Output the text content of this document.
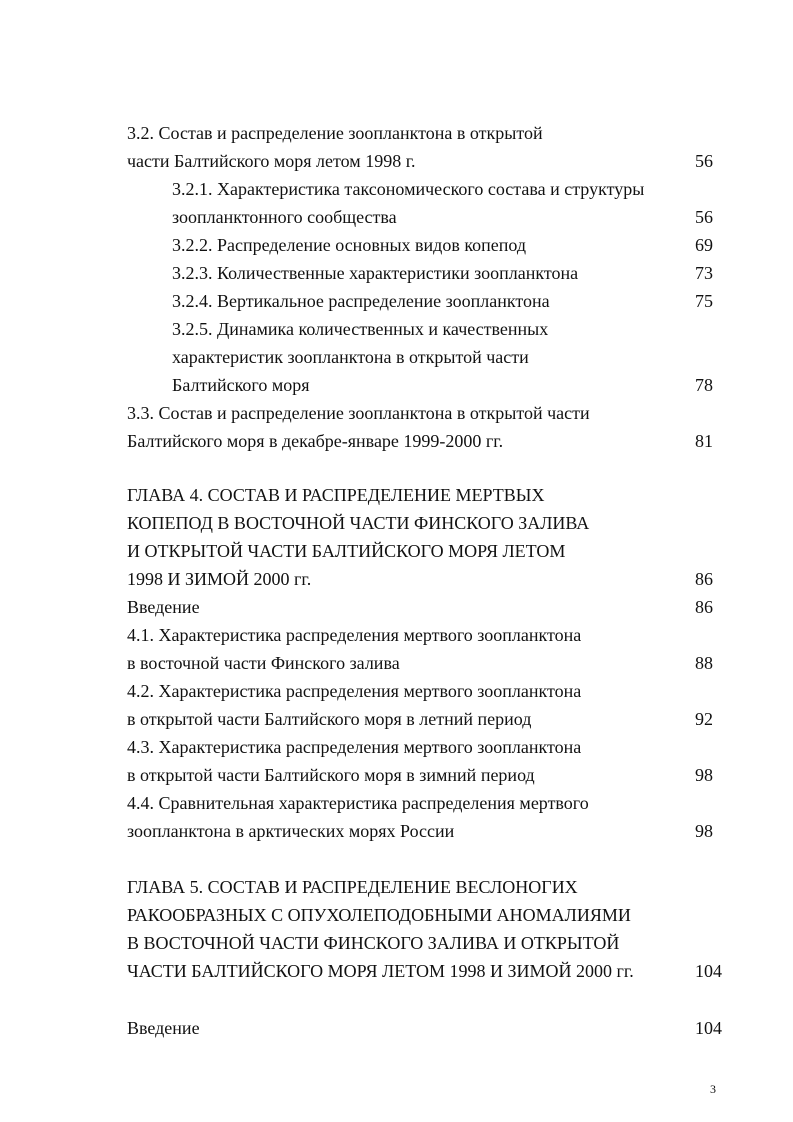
3.2. Состав и распределение зоопланктона в открытой
части Балтийского моря летом 1998 г.	56
3.2.1. Характеристика таксономического состава и структуры
зоопланктонного сообщества	56
3.2.2. Распределение основных видов копепод	69
3.2.3. Количественные характеристики зоопланктона	73
3.2.4. Вертикальное распределение зоопланктона	75
3.2.5. Динамика количественных и качественных
характеристик зоопланктона в открытой части
Балтийского моря	78
3.3. Состав и распределение зоопланктона в открытой части
Балтийского моря в декабре-январе 1999-2000 гг.	81
ГЛАВА 4. СОСТАВ И РАСПРЕДЕЛЕНИЕ МЕРТВЫХ
КОПЕПОД В ВОСТОЧНОЙ ЧАСТИ ФИНСКОГО ЗАЛИВА
И ОТКРЫТОЙ ЧАСТИ БАЛТИЙСКОГО МОРЯ ЛЕТОМ
1998 И ЗИМОЙ 2000 гг.	86
Введение	86
4.1. Характеристика распределения мертвого зоопланктона
в восточной части Финского залива	88
4.2. Характеристика распределения мертвого зоопланктона
в открытой части Балтийского моря в летний период	92
4.3. Характеристика распределения мертвого зоопланктона
в открытой части Балтийского моря в зимний период	98
4.4. Сравнительная характеристика распределения мертвого
зоопланктона в арктических морях России	98
ГЛАВА 5. СОСТАВ И РАСПРЕДЕЛЕНИЕ ВЕСЛОНОГИХ
РАКООБРАЗНЫХ С ОПУХОЛЕПОДОБНЫМИ АНОМАЛИЯМИ
В ВОСТОЧНОЙ ЧАСТИ ФИНСКОГО ЗАЛИВА И ОТКРЫТОЙ
ЧАСТИ БАЛТИЙСКОГО МОРЯ ЛЕТОМ 1998 И ЗИМОЙ 2000 гг.	104
Введение	104
3
